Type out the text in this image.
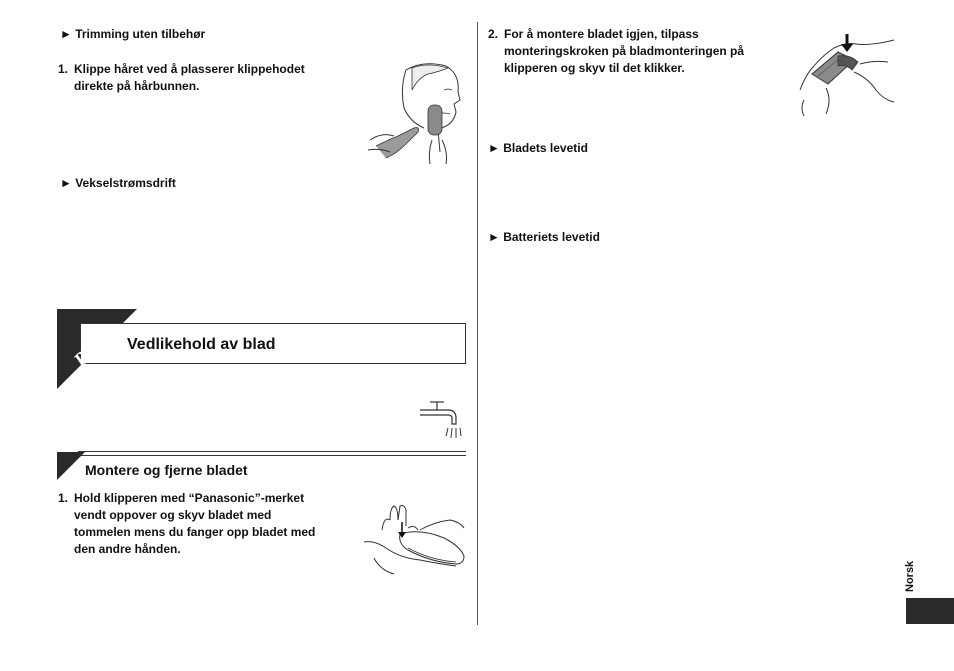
► Trimming uten tilbehør
1. Klippe håret ved å plasserer klippehodet
direkte på hårbunnen.
► Vekselstrømsdrift
Pleie Vedlikehold av blad
Montere og fjerne bladet
1. Hold klipperen med “Panasonic”-merket
vendt oppover og skyv bladet med
tommelen mens du fanger opp bladet med
den andre hånden.
2. For å montere bladet igjen, tilpass
monteringskroken på bladmonteringen på
klipperen og skyv til det klikker.
► Bladets levetid
► Batteriets levetid
Norsk
